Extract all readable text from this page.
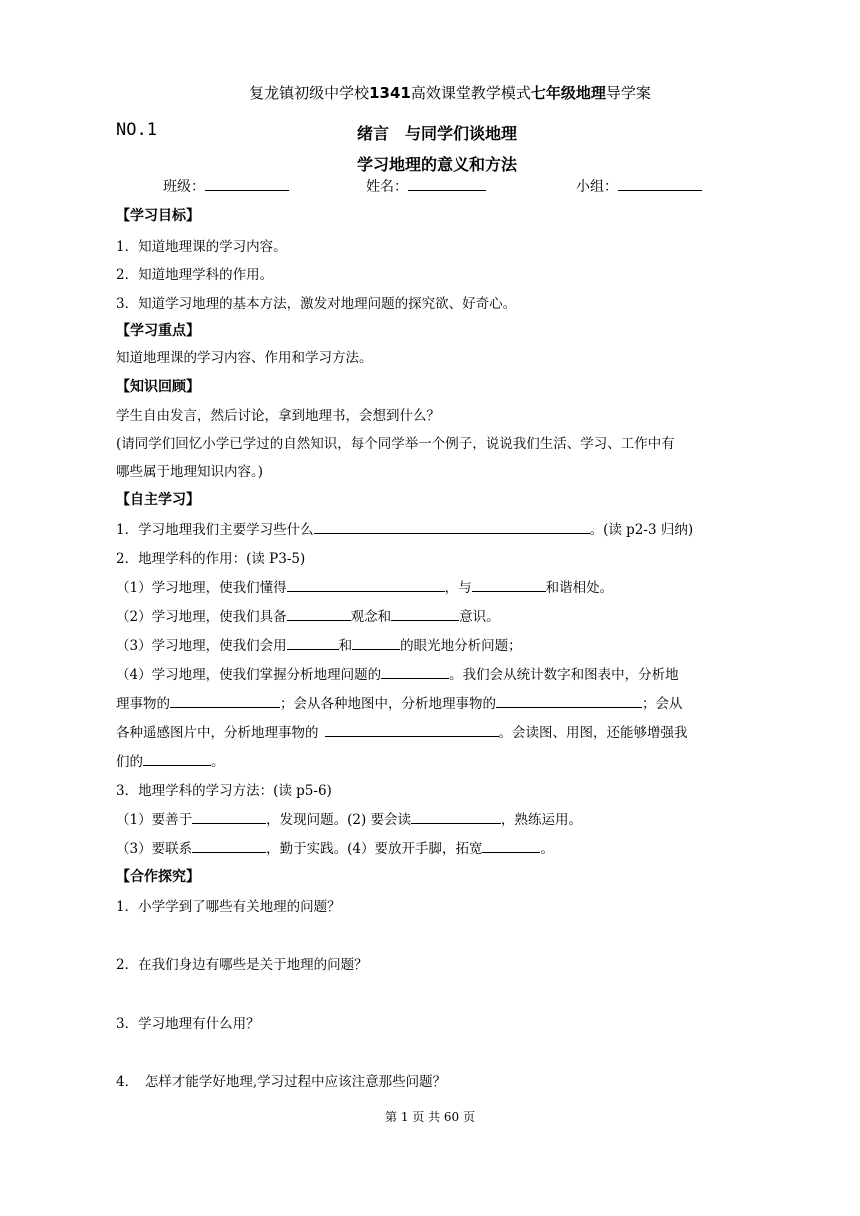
复龙镇初级中学校1341高效课堂教学模式七年级地理导学案
NO.1	绪言　与同学们谈地理
学习地理的意义和方法
班级：	姓名：	小组：
【学习目标】
1．知道地理课的学习内容。
2．知道地理学科的作用。
3．知道学习地理的基本方法，激发对地理问题的探究欲、好奇心。
【学习重点】
知道地理课的学习内容、作用和学习方法。
【知识回顾】
学生自由发言，然后讨论，拿到地理书，会想到什么？
(请同学们回忆小学已学过的自然知识，每个同学举一个例子，说说我们生活、学习、工作中有
哪些属于地理知识内容。)
【自主学习】
1．学习地理我们主要学习些什么	。(读 p2-3 归纳)
2．地理学科的作用：(读 P3-5)
（1）学习地理，使我们懂得	，与	和谐相处。
（2）学习地理，使我们具备	观念和	意识。
（3）学习地理，使我们会用	和	的眼光地分析问题；
（4）学习地理，使我们掌握分析地理问题的	。我们会从统计数字和图表中，分析地
理事物的	；会从各种地图中，分析地理事物的	；会从
各种遥感图片中，分析地理事物的	。会读图、用图，还能够增强我
们的	。
3．地理学科的学习方法：(读 p5-6)
（1）要善于	，发现问题。(2) 要会读	，熟练运用。
（3）要联系	，勤于实践。(4）要放开手脚，拓宽	。
【合作探究】
1．小学学到了哪些有关地理的问题？
2．在我们身边有哪些是关于地理的问题？
3．学习地理有什么用？
4．　怎样才能学好地理,学习过程中应该注意那些问题？
第 1 页 共 60 页
